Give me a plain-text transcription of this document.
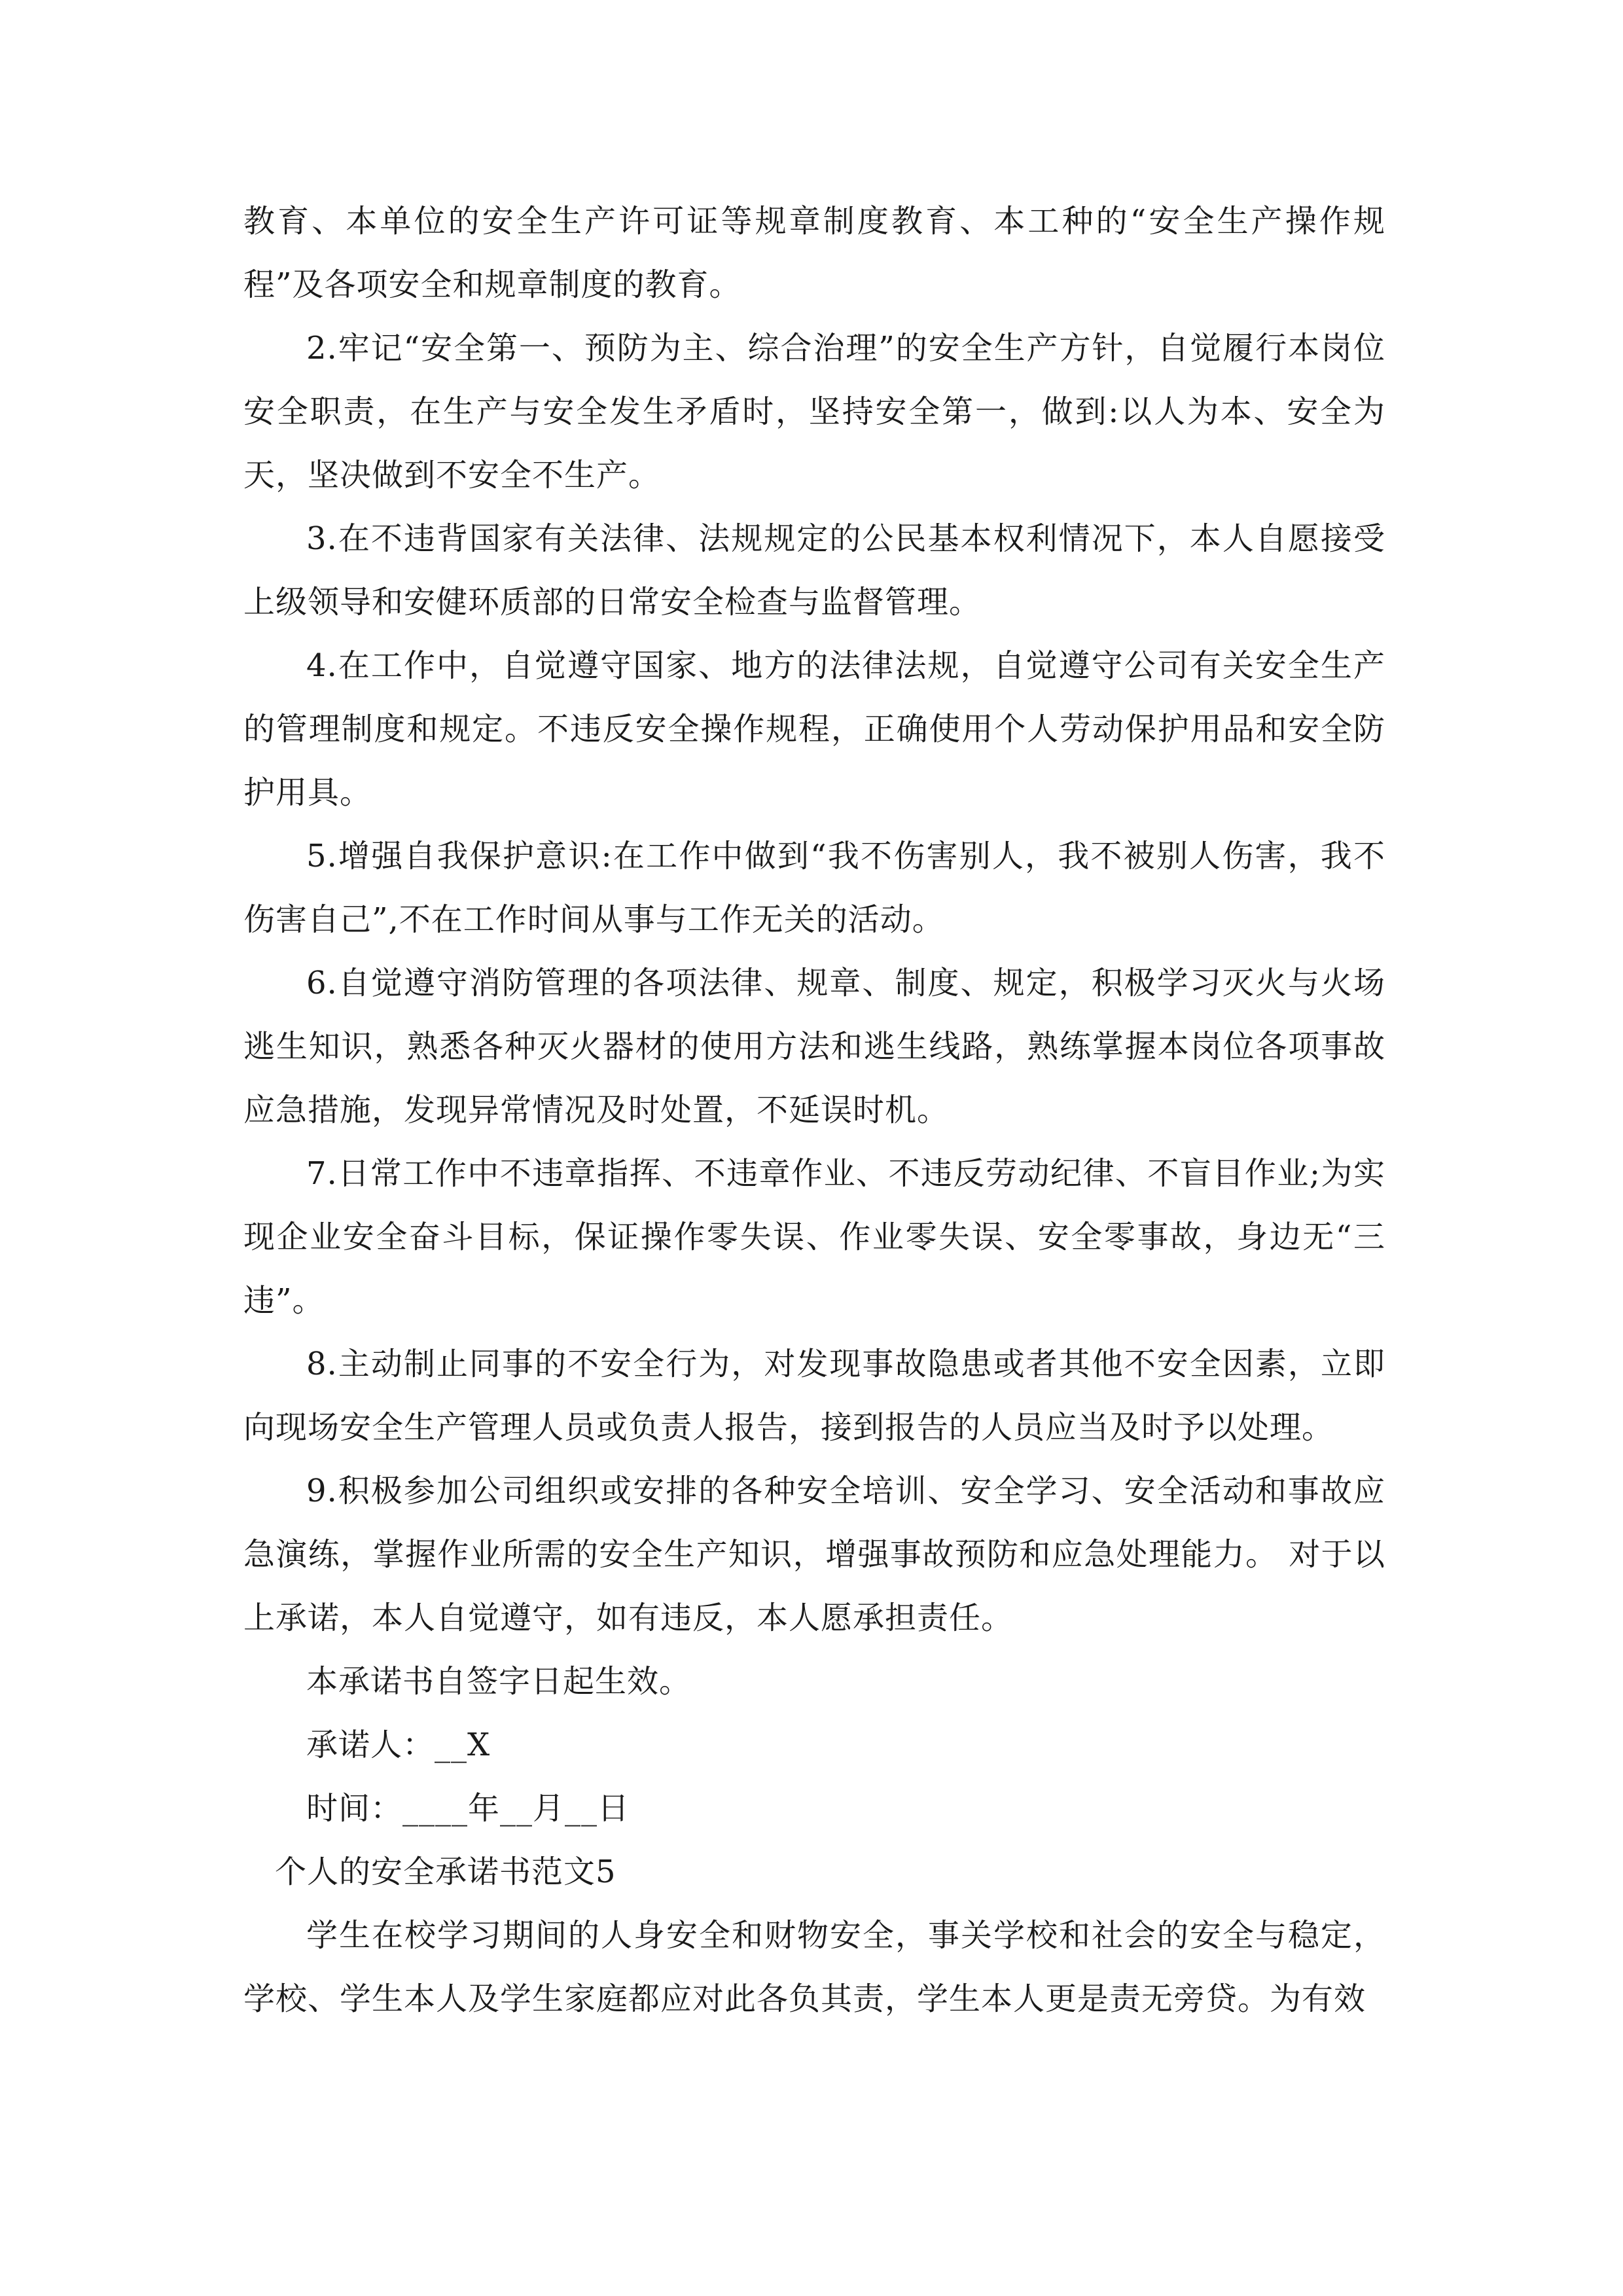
教育、本单位的安全生产许可证等规章制度教育、本工种的“安全生产操作规程”及各项安全和规章制度的教育。

2.牢记“安全第一、预防为主、综合治理”的安全生产方针，自觉履行本岗位安全职责，在生产与安全发生矛盾时，坚持安全第一，做到:以人为本、安全为天，坚决做到不安全不生产。

3.在不违背国家有关法律、法规规定的公民基本权利情况下，本人自愿接受上级领导和安健环质部的日常安全检查与监督管理。

4.在工作中，自觉遵守国家、地方的法律法规，自觉遵守公司有关安全生产的管理制度和规定。不违反安全操作规程，正确使用个人劳动保护用品和安全防护用具。

5.增强自我保护意识:在工作中做到“我不伤害别人，我不被别人伤害，我不伤害自己”,不在工作时间从事与工作无关的活动。

6.自觉遵守消防管理的各项法律、规章、制度、规定，积极学习灭火与火场逃生知识，熟悉各种灭火器材的使用方法和逃生线路，熟练掌握本岗位各项事故应急措施，发现异常情况及时处置，不延误时机。

7.日常工作中不违章指挥、不违章作业、不违反劳动纪律、不盲目作业;为实现企业安全奋斗目标，保证操作零失误、作业零失误、安全零事故，身边无“三违”。

8.主动制止同事的不安全行为，对发现事故隐患或者其他不安全因素，立即向现场安全生产管理人员或负责人报告，接到报告的人员应当及时予以处理。

9.积极参加公司组织或安排的各种安全培训、安全学习、安全活动和事故应急演练，掌握作业所需的安全生产知识，增强事故预防和应急处理能力。 对于以上承诺，本人自觉遵守，如有违反，本人愿承担责任。

本承诺书自签字日起生效。

承诺人：__X

时间：____年__月__日

个人的安全承诺书范文5

学生在校学习期间的人身安全和财物安全，事关学校和社会的安全与稳定，学校、学生本人及学生家庭都应对此各负其责，学生本人更是责无旁贷。为有效
